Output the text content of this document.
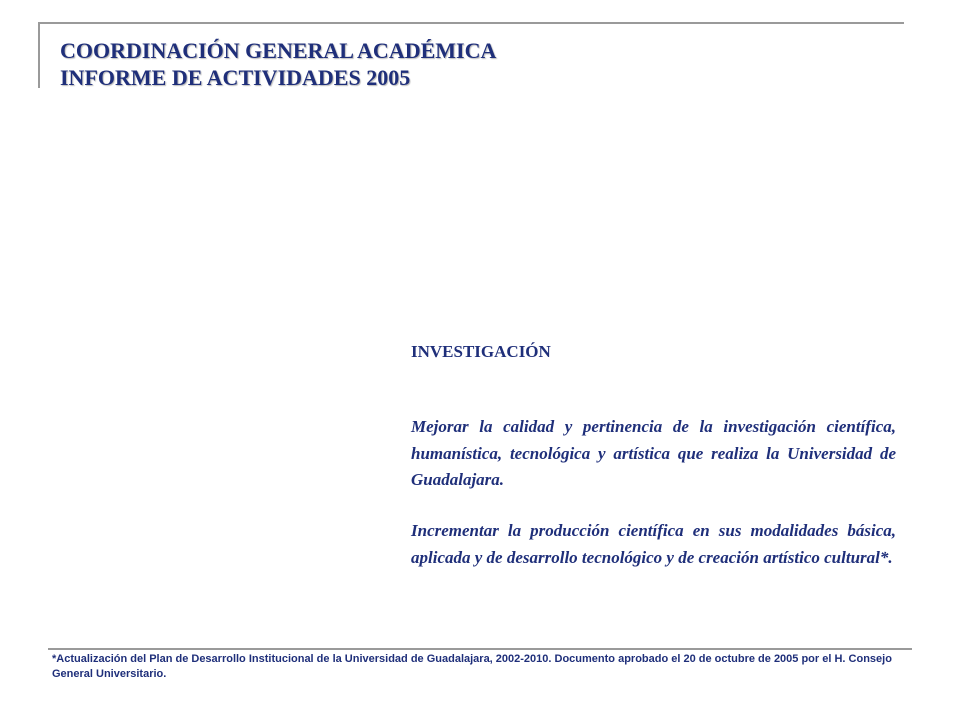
COORDINACIÓN GENERAL ACADÉMICA
INFORME DE ACTIVIDADES 2005
INVESTIGACIÓN

Mejorar la calidad y pertinencia de la investigación científica, humanística, tecnológica y artística que realiza la Universidad de Guadalajara.

Incrementar la producción científica en sus modalidades básica, aplicada y de desarrollo tecnológico y de creación artístico cultural*.

*Actualización del Plan de Desarrollo Institucional de la Universidad de Guadalajara, 2002-2010. Documento aprobado el 20 de octubre de 2005 por el H. Consejo General Universitario.
